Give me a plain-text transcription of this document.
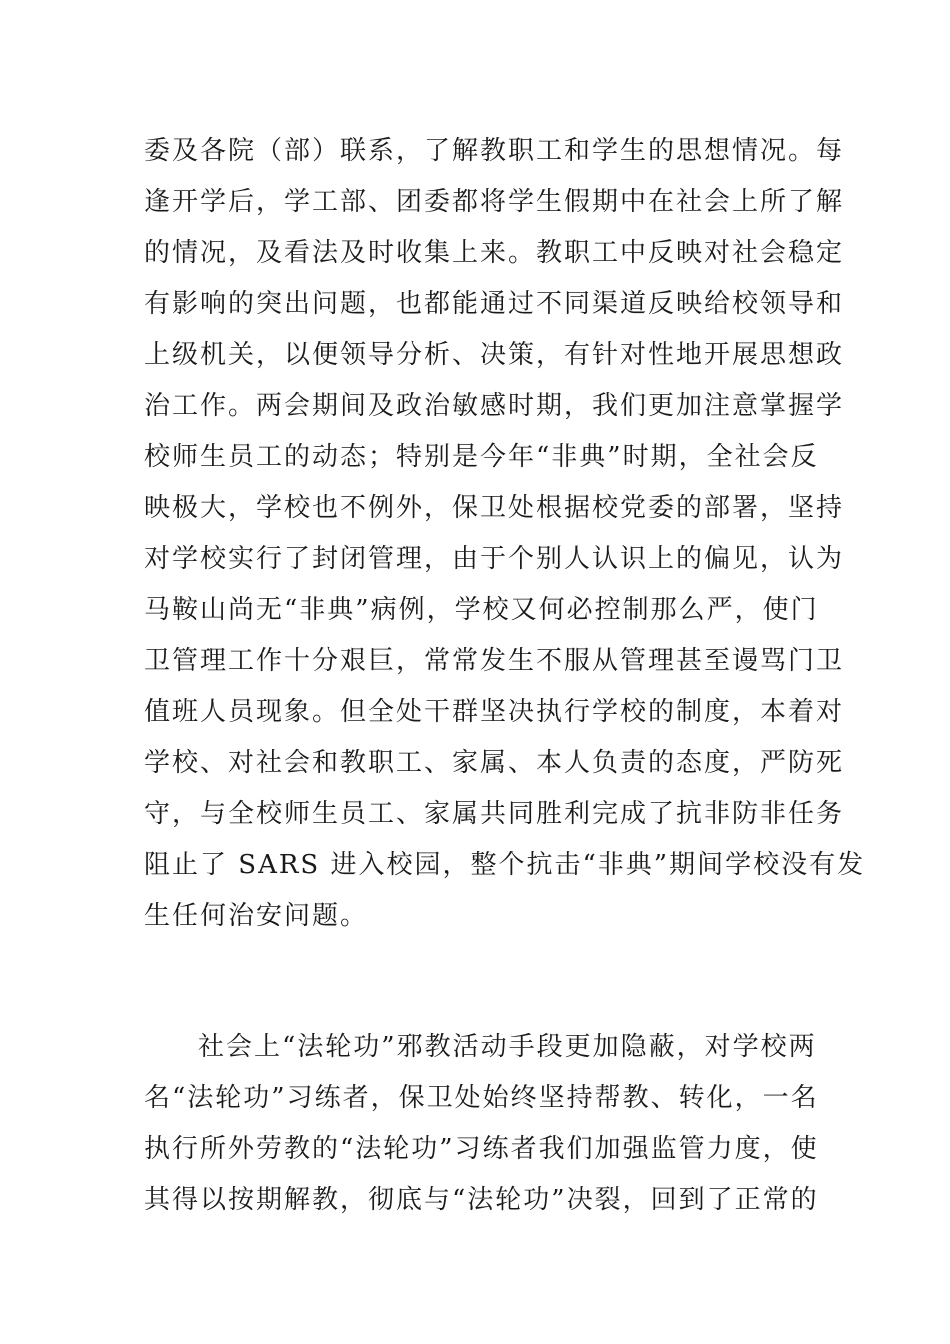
委及各院（部）联系，了解教职工和学生的思想情况。每
逢开学后，学工部、团委都将学生假期中在社会上所了解
的情况，及看法及时收集上来。教职工中反映对社会稳定
有影响的突出问题，也都能通过不同渠道反映给校领导和
上级机关，以便领导分析、决策，有针对性地开展思想政
治工作。两会期间及政治敏感时期，我们更加注意掌握学
校师生员工的动态；特别是今年“非典”时期，全社会反
映极大，学校也不例外，保卫处根据校党委的部署，坚持
对学校实行了封闭管理，由于个别人认识上的偏见，认为
马鞍山尚无“非典”病例，学校又何必控制那么严，使门
卫管理工作十分艰巨，常常发生不服从管理甚至谩骂门卫
值班人员现象。但全处干群坚决执行学校的制度，本着对
学校、对社会和教职工、家属、本人负责的态度，严防死
守，与全校师生员工、家属共同胜利完成了抗非防非任务
阻止了 SARS 进入校园，整个抗击“非典”期间学校没有发
生任何治安问题。
社会上“法轮功”邪教活动手段更加隐蔽，对学校两
名“法轮功”习练者，保卫处始终坚持帮教、转化，一名
执行所外劳教的“法轮功”习练者我们加强监管力度，使
其得以按期解教，彻底与“法轮功”决裂，回到了正常的
